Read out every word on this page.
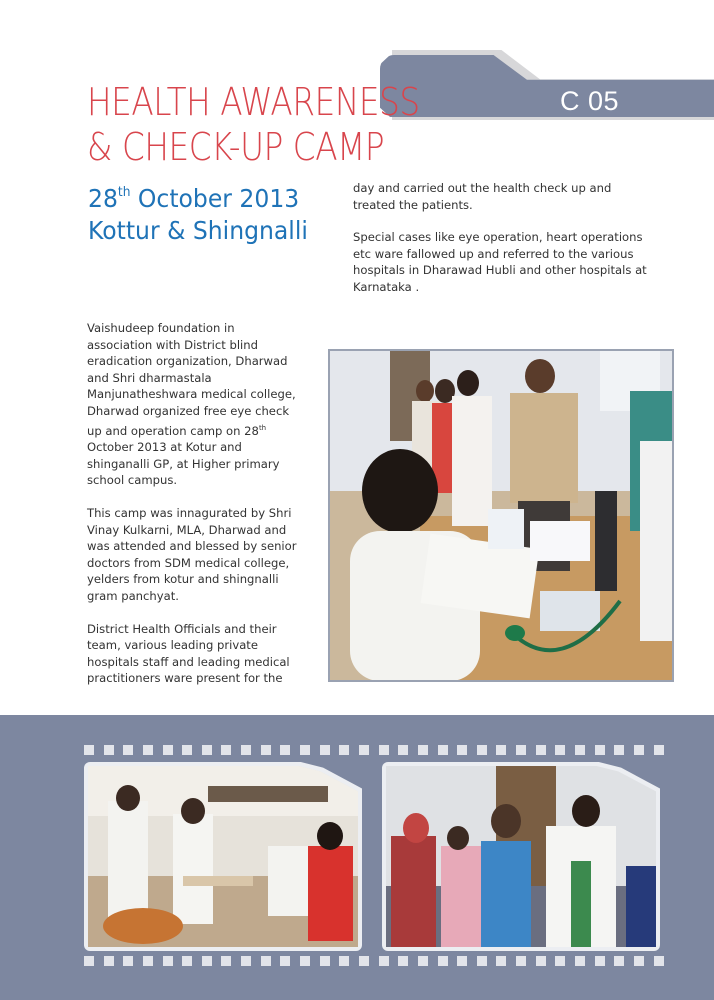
C 05
HEALTH AWARENESS
& CHECK-UP CAMP
28th October 2013
Kottur & Shingnalli

day and carried out the health check up and treated the patients.

Special cases like eye operation, heart operations etc ware fallowed up and referred to the various hospitals in Dharawad Hubli and other hospitals at Karnataka .

Vaishudeep foundation in association with District blind eradication organization, Dharwad and Shri dharmastala Manjunatheshwara medical college, Dharwad organized free eye check up and operation camp on 28th October 2013 at Kotur and shinganalli GP, at Higher primary school campus.

This camp was innagurated by Shri Vinay Kulkarni, MLA, Dharwad and was attended and blessed by senior doctors from SDM medical college, yelders from kotur and shingnalli gram panchyat.

District Health Officials and their team, various leading private hospitals staff and leading medical practitioners ware present for the
